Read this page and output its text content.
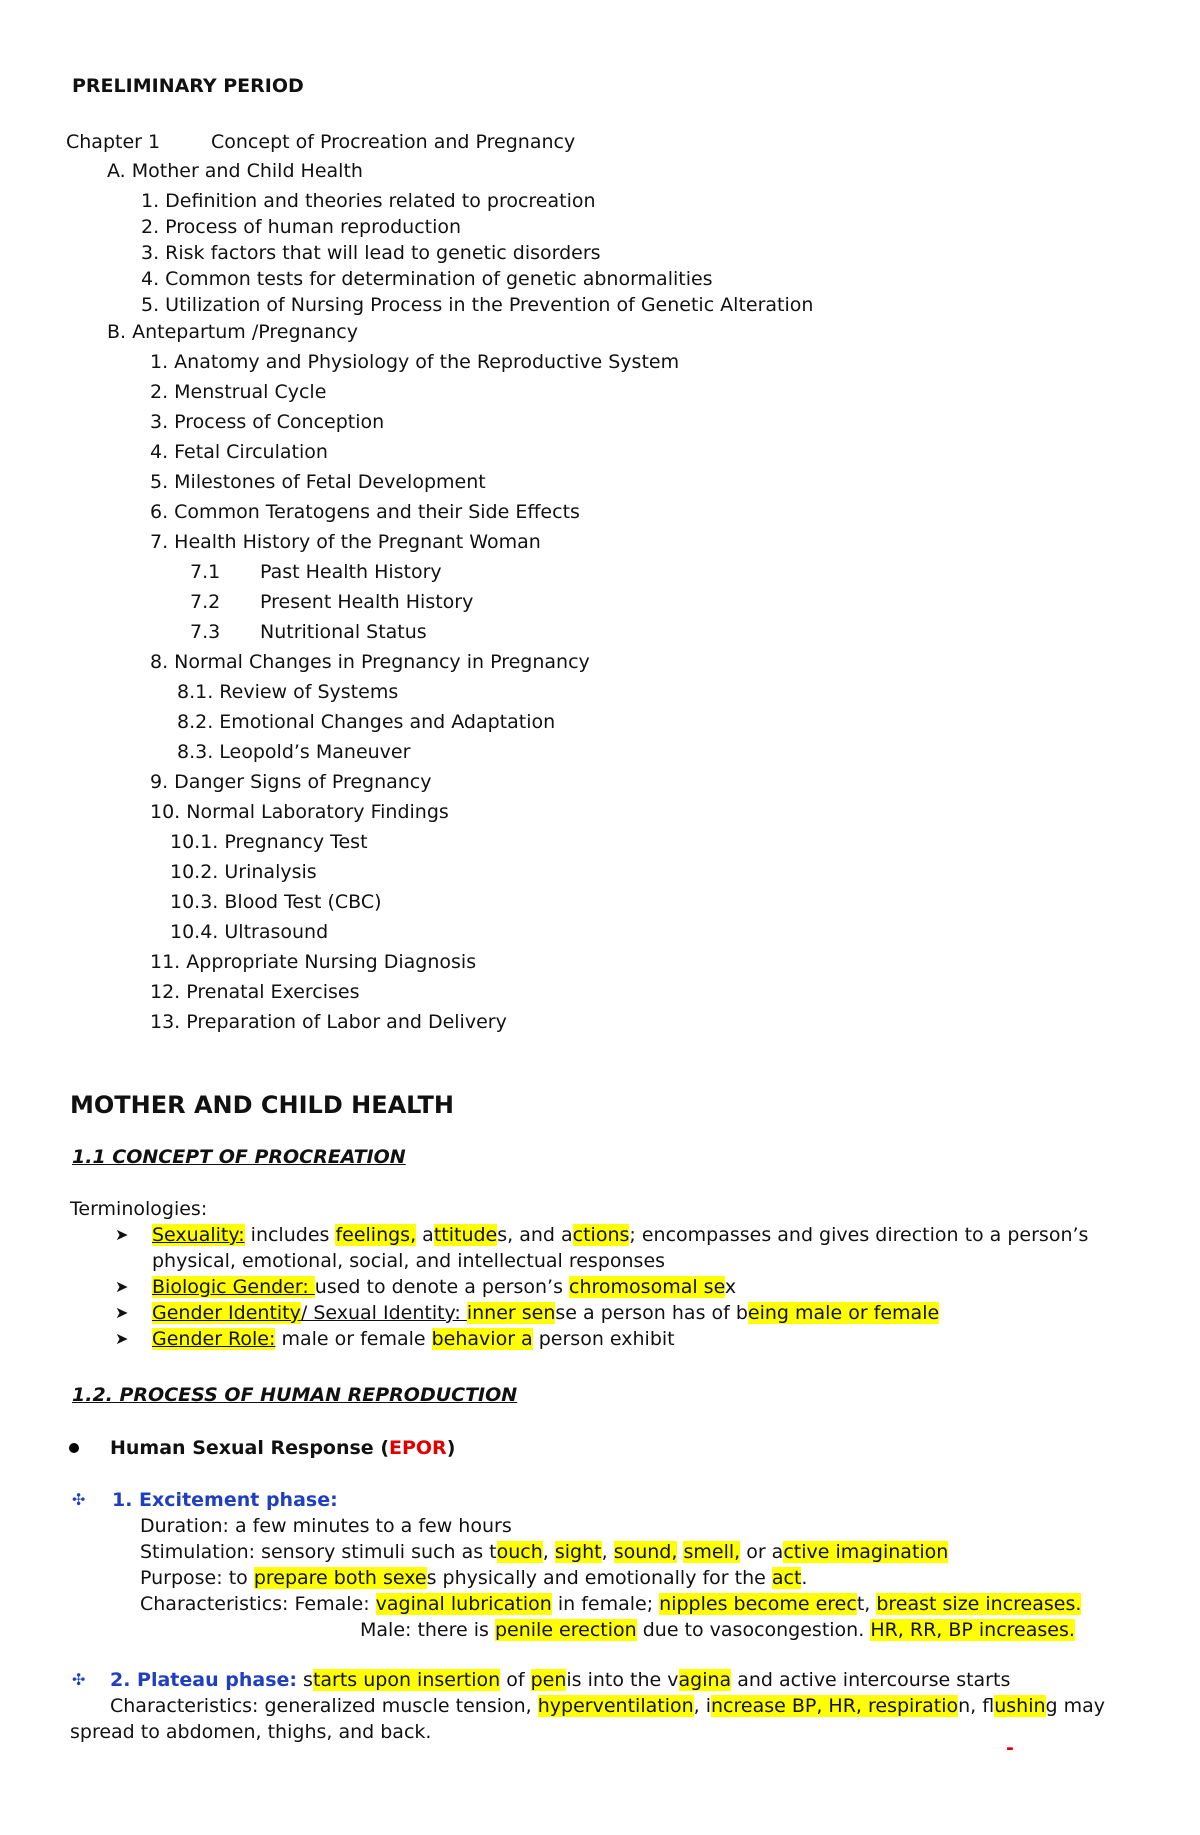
PRELIMINARY PERIOD
Chapter 1	Concept of Procreation and Pregnancy
A. Mother and Child Health
1. Definition and theories related to procreation
2. Process of human reproduction
3. Risk factors that will lead to genetic disorders
4. Common tests for determination of genetic abnormalities
5. Utilization of Nursing Process in the Prevention of Genetic Alteration
B. Antepartum /Pregnancy
1. Anatomy and Physiology of the Reproductive System
2. Menstrual Cycle
3. Process of Conception
4. Fetal Circulation
5. Milestones of Fetal Development
6. Common Teratogens and their Side Effects
7. Health History of the Pregnant Woman
7.1 Past Health History
7.2 Present Health History
7.3 Nutritional Status
8. Normal Changes in Pregnancy in Pregnancy
8.1. Review of Systems
8.2. Emotional Changes and Adaptation
8.3. Leopold’s Maneuver
9. Danger Signs of Pregnancy
10. Normal Laboratory Findings
10.1. Pregnancy Test
10.2. Urinalysis
10.3. Blood Test (CBC)
10.4. Ultrasound
11. Appropriate Nursing Diagnosis
12. Prenatal Exercises
13. Preparation of Labor and Delivery
MOTHER AND CHILD HEALTH
1.1 CONCEPT OF PROCREATION
Terminologies:
➤ Sexuality: includes feelings, attitudes, and actions; encompasses and gives direction to a person’s
physical, emotional, social, and intellectual responses
➤ Biologic Gender: used to denote a person’s chromosomal sex
➤ Gender Identity/ Sexual Identity: inner sense a person has of being male or female
➤ Gender Role: male or female behavior a person exhibit
1.2. PROCESS OF HUMAN REPRODUCTION
Human Sexual Response (EPOR)
✣ 1. Excitement phase:
Duration: a few minutes to a few hours
Stimulation: sensory stimuli such as touch, sight, sound, smell, or active imagination
Purpose: to prepare both sexes physically and emotionally for the act.
Characteristics: Female: vaginal lubrication in female; nipples become erect, breast size increases.
Male: there is penile erection due to vasocongestion. HR, RR, BP increases.
✣ 2. Plateau phase: starts upon insertion of penis into the vagina and active intercourse starts
Characteristics: generalized muscle tension, hyperventilation, increase BP, HR, respiration, flushing may
spread to abdomen, thighs, and back.
-
